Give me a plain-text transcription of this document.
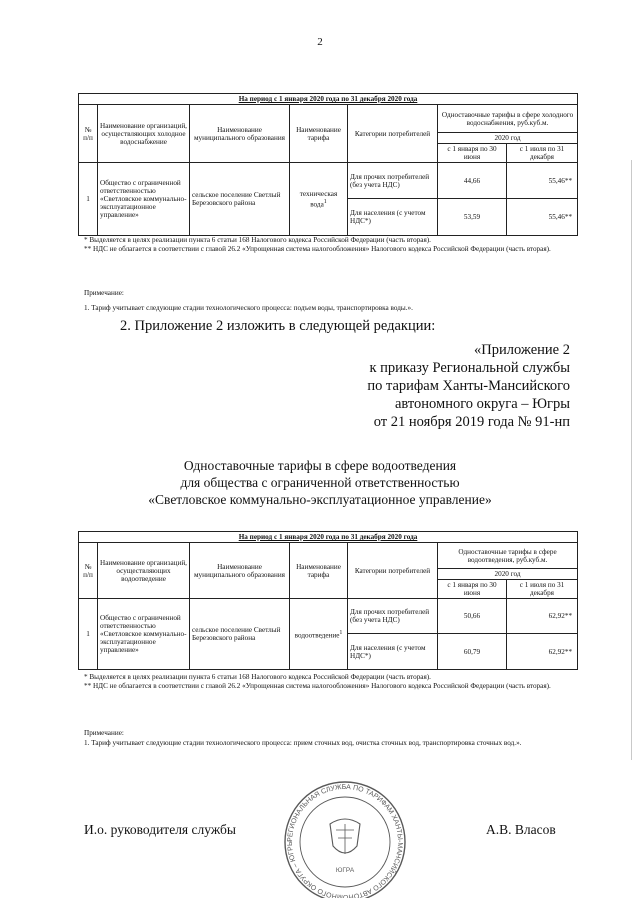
2
На период с 1 января 2020 года по 31 декабря 2020 года						
№ п/п	Наименование организаций, осуществляющих холодное водоснабжение	Наименование муниципального образования	Наименование тарифа	Категории потребителей	Одноставочные тарифы в сфере холодного водоснабжения, руб.куб.м.	
					2020 год	
					с 1 января по 30 июня	с 1 июля по 31 декабря
1	Общество с ограниченной ответственностью «Светловское коммунально-эксплуатационное управление»	сельское поселение Светлый Березовского района	техническая вода$^1$	Для прочих потребителей (без учета НДС)	44,66	55,46**
				Для населения (с учетом НДС*)	53,59	55,46**

* Выделяется в целях реализации пункта 6 статьи 168 Налогового кодекса Российской Федерации (часть вторая).

** НДС не облагается в соответствии с главой 26.2 «Упрощенная система налогообложения» Налогового кодекса Российской Федерации (часть вторая).

Примечание:

1. Тариф учитывает следующие стадии технологического процесса: подъем воды, транспортировка воды.».

2. Приложение 2 изложить в следующей редакции:
«Приложение 2
к приказу Региональной службы
по тарифам Ханты-Мансийского
автономного округа – Югры
от 21 ноября 2019 года № 91-нп
Одноставочные тарифы в сфере водоотведения
для общества с ограниченной ответственностью
«Светловское коммунально-эксплуатационное управление»
На период с 1 января 2020 года по 31 декабря 2020 года						
№ п/п	Наименование организаций, осуществляющих водоотведение	Наименование муниципального образования	Наименование тарифа	Категории потребителей	Одноставочные тарифы в сфере водоотведения, руб.куб.м.	
					2020 год	
					с 1 января по 30 июня	с 1 июля по 31 декабря
1	Общество с ограниченной ответственностью «Светловское коммунально-эксплуатационное управление»	сельское поселение Светлый Березовского района	водоотведение$^1$	Для прочих потребителей (без учета НДС)	50,66	62,92**
				Для населения (с учетом НДС*)	60,79	62,92**

* Выделяется в целях реализации пункта 6 статьи 168 Налогового кодекса Российской Федерации (часть вторая).

** НДС не облагается в соответствии с главой 26.2 «Упрощенная система налогообложения» Налогового кодекса Российской Федерации (часть вторая).

Примечание:

1. Тариф учитывает следующие стадии технологического процесса: прием сточных вод, очистка сточных вод, транспортировка сточных вод.».

РЕГИОНАЛЬНАЯ СЛУЖБА ПО ТАРИФАМ ХАНТЫ-МАНСИЙСКОГО АВТОНОМНОГО ОКРУГА – ЮГРЫ
ЮГРА
И.о. руководителя службы	А.В. Власов
